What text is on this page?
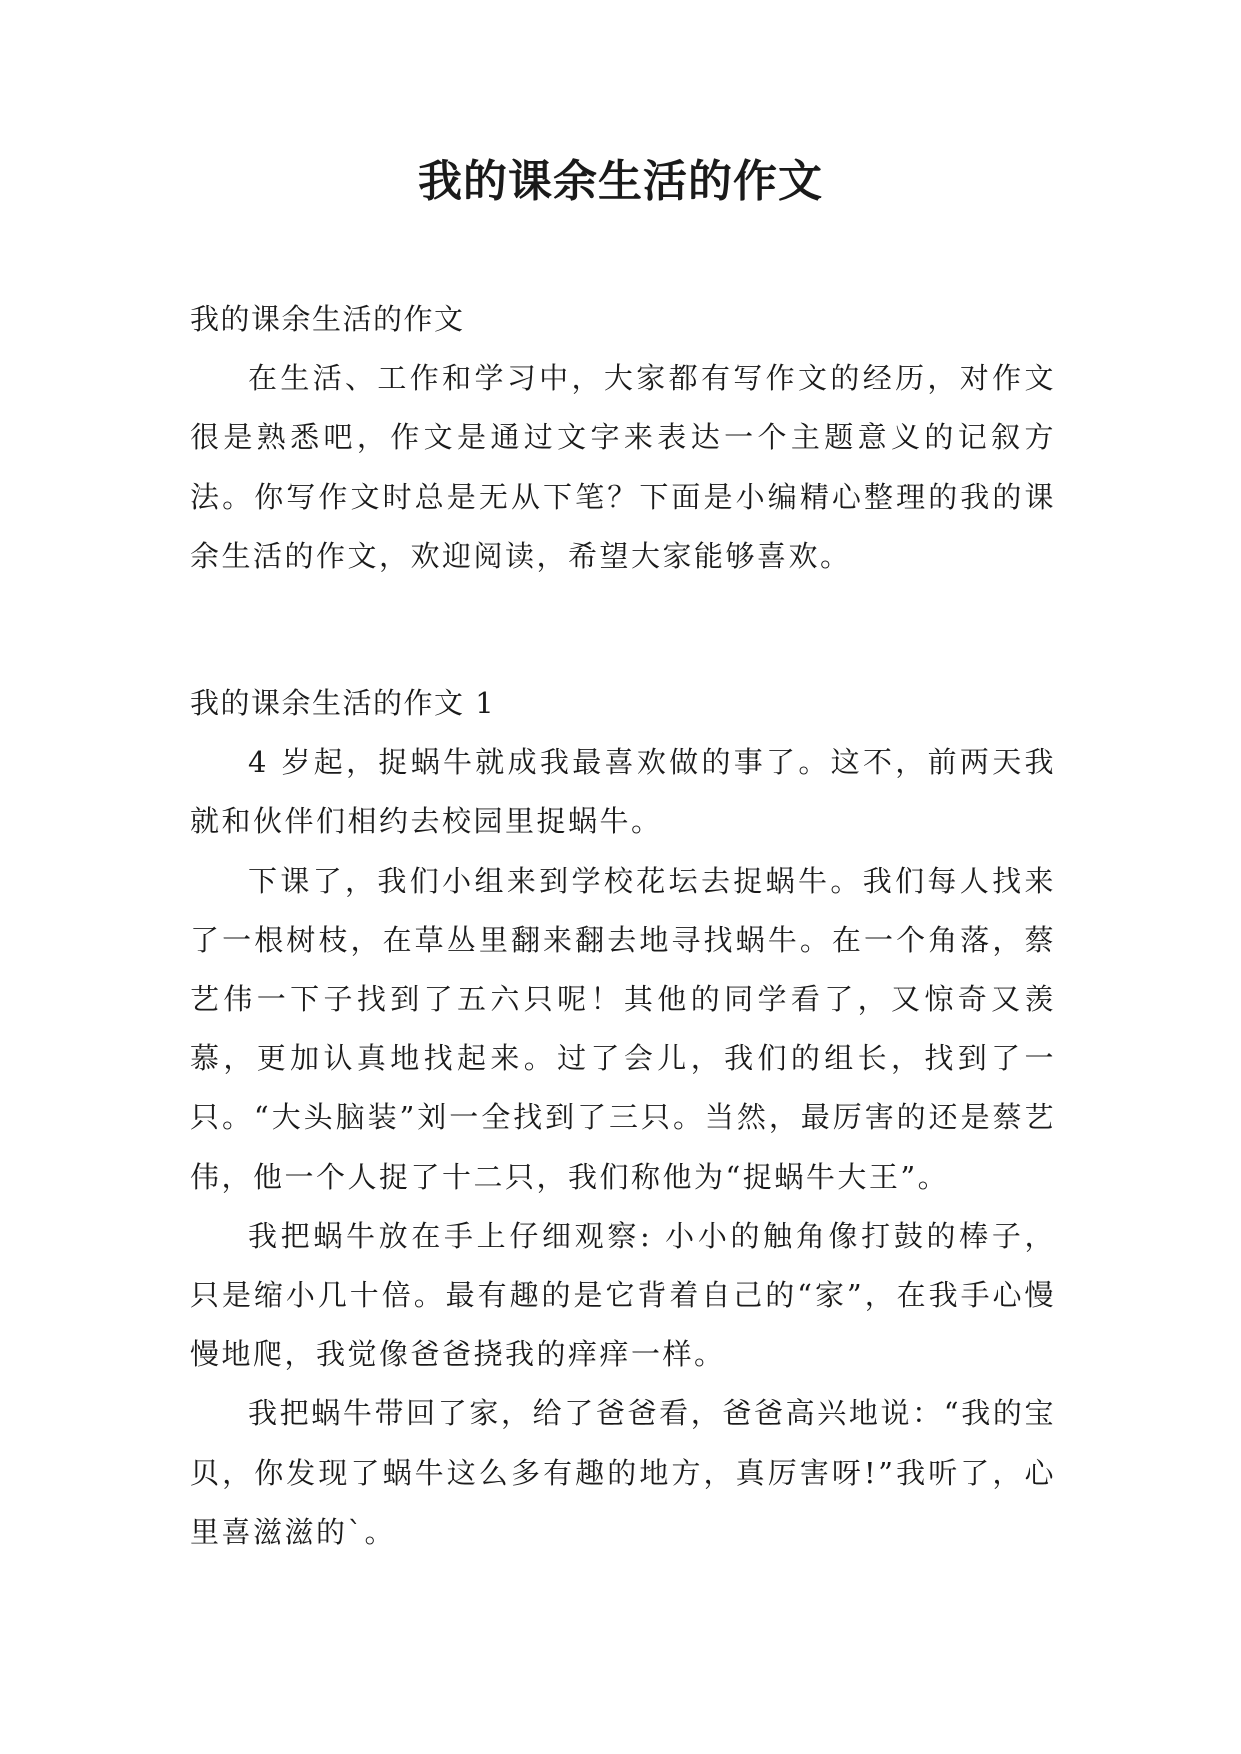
我的课余生活的作文

我的课余生活的作文

在生活、工作和学习中，大家都有写作文的经历，对作文很是熟悉吧，作文是通过文字来表达一个主题意义的记叙方法。你写作文时总是无从下笔？下面是小编精心整理的我的课余生活的作文，欢迎阅读，希望大家能够喜欢。

我的课余生活的作文 1

4 岁起，捉蜗牛就成我最喜欢做的事了。这不，前两天我就和伙伴们相约去校园里捉蜗牛。

下课了，我们小组来到学校花坛去捉蜗牛。我们每人找来了一根树枝，在草丛里翻来翻去地寻找蜗牛。在一个角落，蔡艺伟一下子找到了五六只呢！其他的同学看了，又惊奇又羡慕，更加认真地找起来。过了会儿，我们的组长，找到了一只。“大头脑装”刘一全找到了三只。当然，最厉害的还是蔡艺伟，他一个人捉了十二只，我们称他为“捉蜗牛大王”。

我把蜗牛放在手上仔细观察: 小小的触角像打鼓的棒子，只是缩小几十倍。最有趣的是它背着自己的“家”，在我手心慢慢地爬，我觉像爸爸挠我的痒痒一样。

我把蜗牛带回了家，给了爸爸看，爸爸高兴地说：“我的宝贝，你发现了蜗牛这么多有趣的地方，真厉害呀!”我听了，心里喜滋滋的`。
